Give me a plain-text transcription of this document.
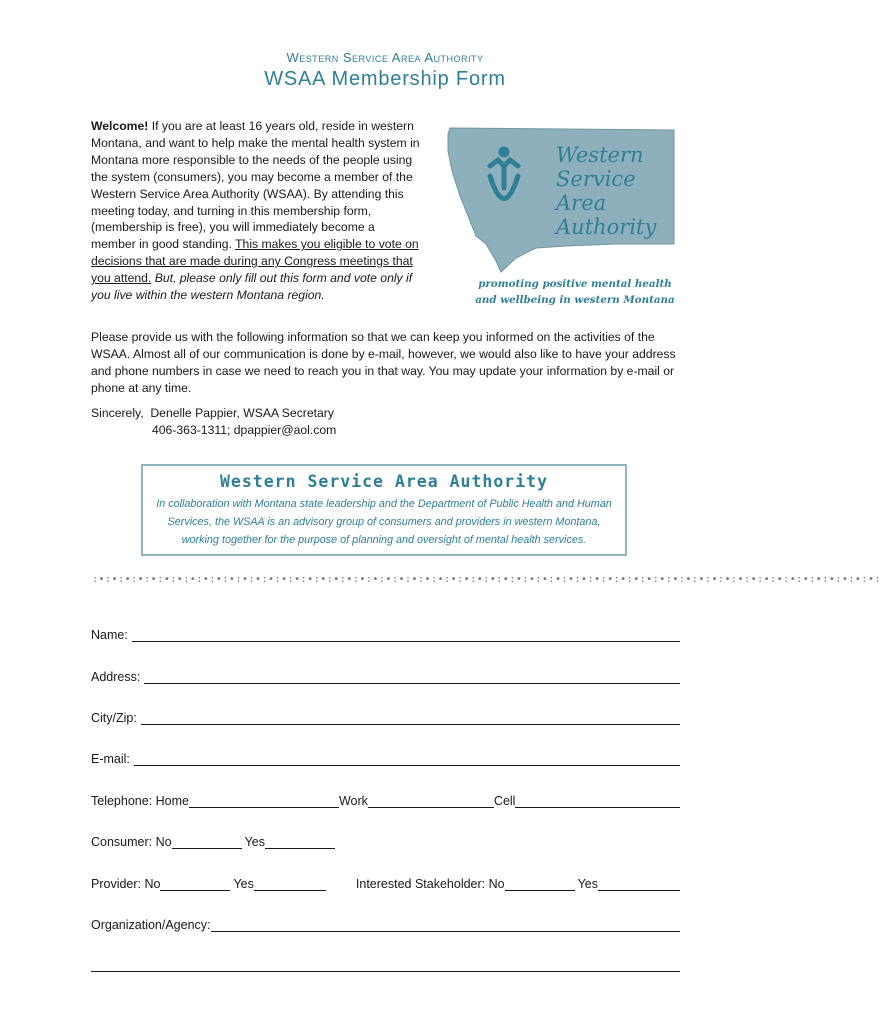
Western Service Area Authority
WSAA Membership Form
Welcome! If you are at least 16 years old, reside in western Montana, and want to help make the mental health system in Montana more responsible to the needs of the people using the system (consumers), you may become a member of the Western Service Area Authority (WSAA). By attending this meeting today, and turning in this membership form, (membership is free), you will immediately become a member in good standing. This makes you eligible to vote on decisions that are made during any Congress meetings that you attend. But, please only fill out this form and vote only if you live within the western Montana region.
Western
Service
Area
Authority
promoting positive mental health
and wellbeing in western Montana
Please provide us with the following information so that we can keep you informed on the activities of the WSAA. Almost all of our communication is done by e-mail, however, we would also like to have your address and phone numbers in case we need to reach you in that way. You may update your information by e-mail or phone at any time.
Sincerely,  Denelle Pappier, WSAA Secretary
406-363-1311; dpappier@aol.com
Western Service Area Authority
In collaboration with Montana state leadership and the Department of Public Health and Human Services, the WSAA is an advisory group of consumers and providers in western Montana, working together for the purpose of planning and oversight of mental health services.
:•:•:•:•:•:•:•:•:•:•:•:•:•:•:•:•:•:•:•:•:•:•:•:•:•:•:•:•:•:•:•:•:•:•:•:•:•:•:•:•:•:•:•:•:•:•:•:•:•:•:•:•:•:•:•:•:•:•:•:•:
Name:
Address:
City/Zip:
E-mail:
Telephone: Home	Work	Cell
Consumer: No	Yes
Provider: No	Yes	Interested Stakeholder: No	Yes
Organization/Agency:
